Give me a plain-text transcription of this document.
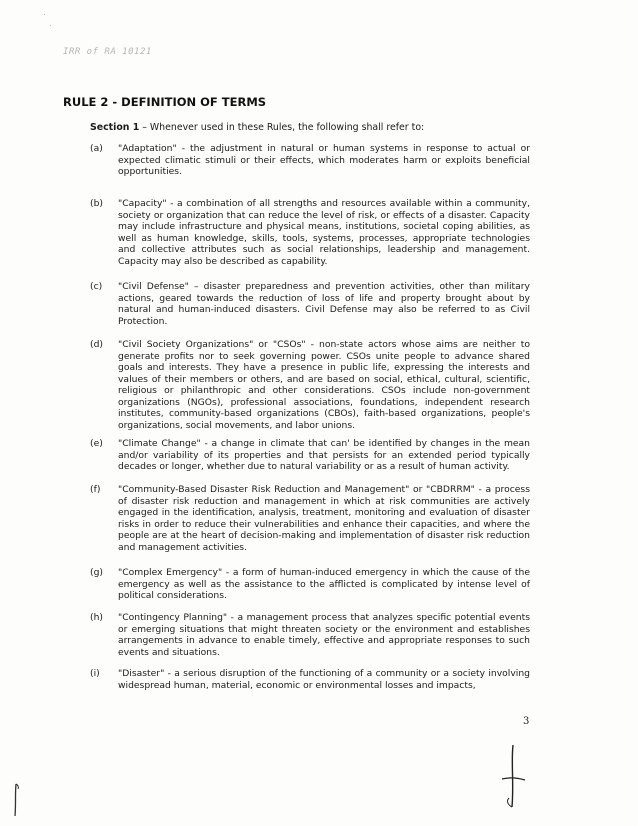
IRR of RA 10121
RULE 2 - DEFINITION OF TERMS
Section 1 – Whenever used in these Rules, the following shall refer to:
(a)	"Adaptation" - the adjustment in natural or human systems in response to actual or expected climatic stimuli or their effects, which moderates harm or exploits beneficial opportunities.
(b)	"Capacity" - a combination of all strengths and resources available within a community, society or organization that can reduce the level of risk, or effects of a disaster. Capacity may include infrastructure and physical means, institutions, societal coping abilities, as well as human knowledge, skills, tools, systems, processes, appropriate technologies and collective attributes such as social relationships, leadership and management. Capacity may also be described as capability.
(c)	"Civil Defense" – disaster preparedness and prevention activities, other than military actions, geared towards the reduction of loss of life and property brought about by natural and human-induced disasters. Civil Defense may also be referred to as Civil Protection.
(d)	"Civil Society Organizations" or "CSOs" - non-state actors whose aims are neither to generate profits nor to seek governing power. CSOs unite people to advance shared goals and interests. They have a presence in public life, expressing the interests and values of their members or others, and are based on social, ethical, cultural, scientific, religious or philanthropic and other considerations. CSOs include non-government organizations (NGOs), professional associations, foundations, independent research institutes, community-based organizations (CBOs), faith-based organizations, people's organizations, social movements, and labor unions.
(e)	"Climate Change" - a change in climate that can' be identified by changes in the mean and/or variability of its properties and that persists for an extended period typically decades or longer, whether due to natural variability or as a result of human activity.
(f)	"Community-Based Disaster Risk Reduction and Management" or "CBDRRM" - a process of disaster risk reduction and management in which at risk communities are actively engaged in the identification, analysis, treatment, monitoring and evaluation of disaster risks in order to reduce their vulnerabilities and enhance their capacities, and where the people are at the heart of decision-making and implementation of disaster risk reduction and management activities.
(g)	"Complex Emergency" - a form of human-induced emergency in which the cause of the emergency as well as the assistance to the afflicted is complicated by intense level of political considerations.
(h)	"Contingency Planning" - a management process that analyzes specific potential events or emerging situations that might threaten society or the environment and establishes arrangements in advance to enable timely, effective and appropriate responses to such events and situations.
(i)	"Disaster" - a serious disruption of the functioning of a community or a society involving widespread human, material, economic or environmental losses and impacts,
3
